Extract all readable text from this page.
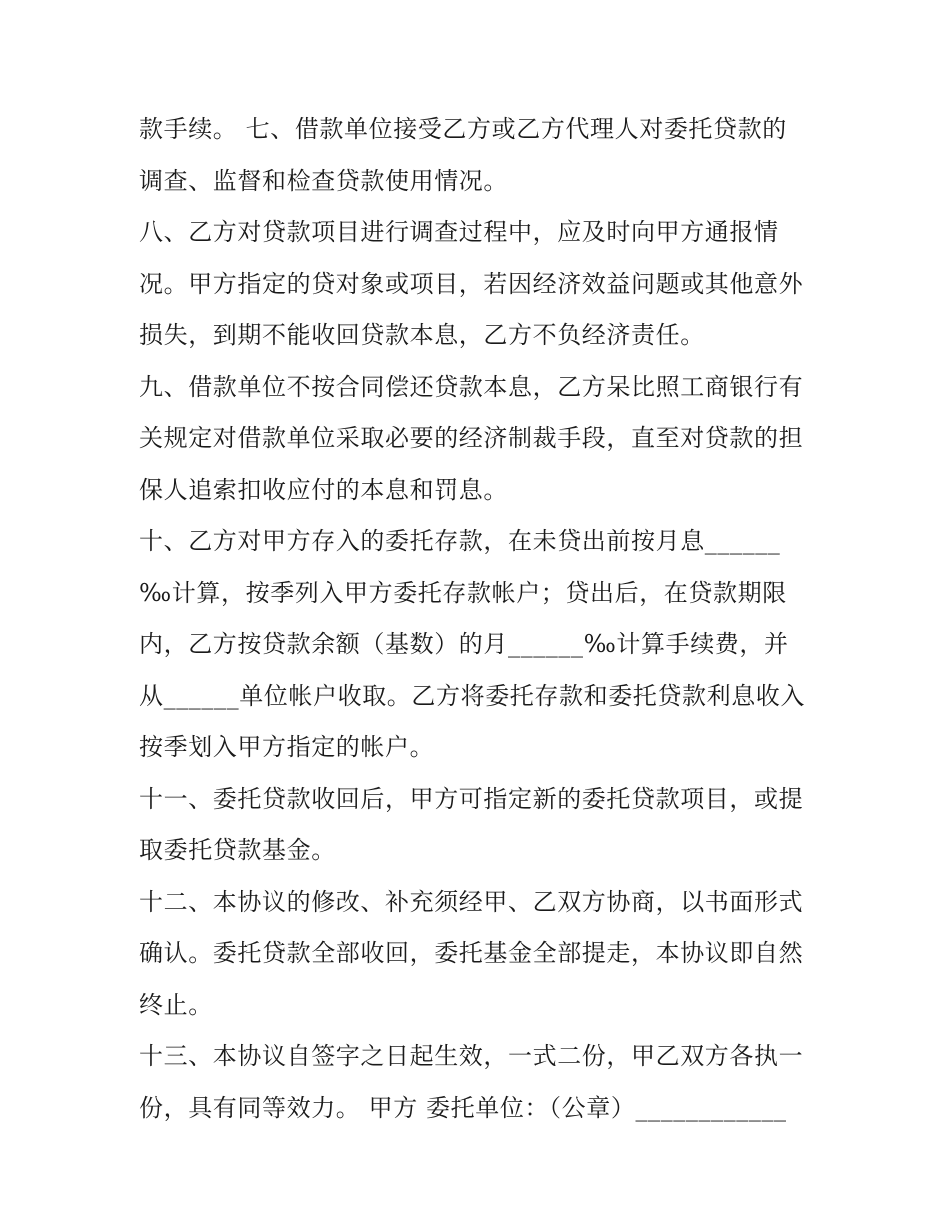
款手续。 七、借款单位接受乙方或乙方代理人对委托贷款的
调查、监督和检查贷款使用情况。
八、乙方对贷款项目进行调查过程中，应及时向甲方通报情
况。甲方指定的贷对象或项目，若因经济效益问题或其他意外
损失，到期不能收回贷款本息，乙方不负经济责任。
九、借款单位不按合同偿还贷款本息，乙方呆比照工商银行有
关规定对借款单位采取必要的经济制裁手段，直至对贷款的担
保人追索扣收应付的本息和罚息。
十、乙方对甲方存入的委托存款，在未贷出前按月息______
‰计算，按季列入甲方委托存款帐户；贷出后，在贷款期限
内，乙方按贷款余额（基数）的月______‰计算手续费，并
从______单位帐户收取。乙方将委托存款和委托贷款利息收入
按季划入甲方指定的帐户。
十一、委托贷款收回后，甲方可指定新的委托贷款项目，或提
取委托贷款基金。
十二、本协议的修改、补充须经甲、乙双方协商，以书面形式
确认。委托贷款全部收回，委托基金全部提走，本协议即自然
终止。
十三、本协议自签字之日起生效，一式二份，甲乙双方各执一
份，具有同等效力。 甲方 委托单位：（公章）____________
